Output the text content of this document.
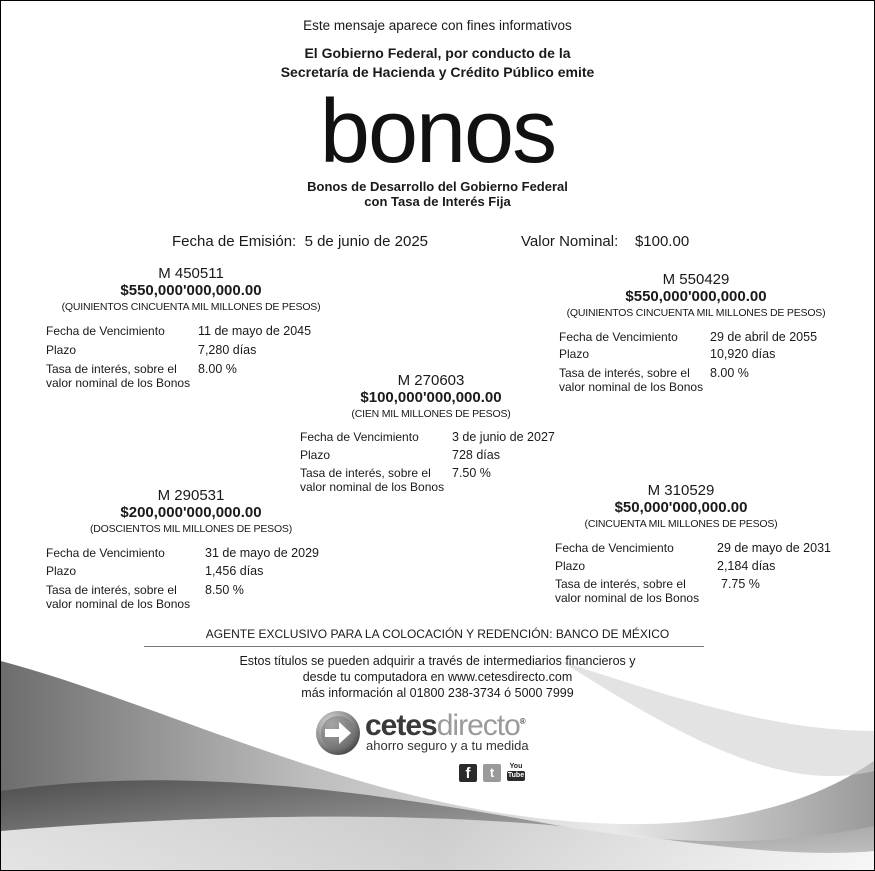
Este mensaje aparece con fines informativos
El Gobierno Federal, por conducto de la
Secretaría de Hacienda y Crédito Público emite
bonos
Bonos de Desarrollo del Gobierno Federal
con Tasa de Interés Fija
Fecha de Emisión: 5 de junio de 2025	Valor Nominal: $100.00
M 450511
$550,000'000,000.00
(QUINIENTOS CINCUENTA MIL MILLONES DE PESOS)
Fecha de Vencimiento	11 de mayo de 2045
Plazo	7,280 días
Tasa de interés, sobre el
valor nominal de los Bonos
8.00 %
M 550429
$550,000'000,000.00
(QUINIENTOS CINCUENTA MIL MILLONES DE PESOS)
Fecha de Vencimiento	29 de abril de 2055
Plazo	10,920 días
Tasa de interés, sobre el
valor nominal de los Bonos
8.00 %
M 270603
$100,000'000,000.00
(CIEN MIL MILLONES DE PESOS)
Fecha de Vencimiento	3 de junio de 2027
Plazo	728 días
Tasa de interés, sobre el
valor nominal de los Bonos
7.50 %
M 290531
$200,000'000,000.00
(DOSCIENTOS MIL MILLONES DE PESOS)
Fecha de Vencimiento	31 de mayo de 2029
Plazo	1,456 días
Tasa de interés, sobre el
valor nominal de los Bonos
8.50 %
M 310529
$50,000'000,000.00
(CINCUENTA MIL MILLONES DE PESOS)
Fecha de Vencimiento	29 de mayo de 2031
Plazo	2,184 días
Tasa de interés, sobre el
valor nominal de los Bonos
7.75 %
AGENTE EXCLUSIVO PARA LA COLOCACIÓN Y REDENCIÓN: BANCO DE MÉXICO
Estos títulos se pueden adquirir a través de intermediarios financieros y
desde tu computadora en www.cetesdirecto.com
más información al 01800 238-3734 ó 5000 7999
cetesdirecto®
ahorro seguro y a tu medida
f	t	You
Tube
